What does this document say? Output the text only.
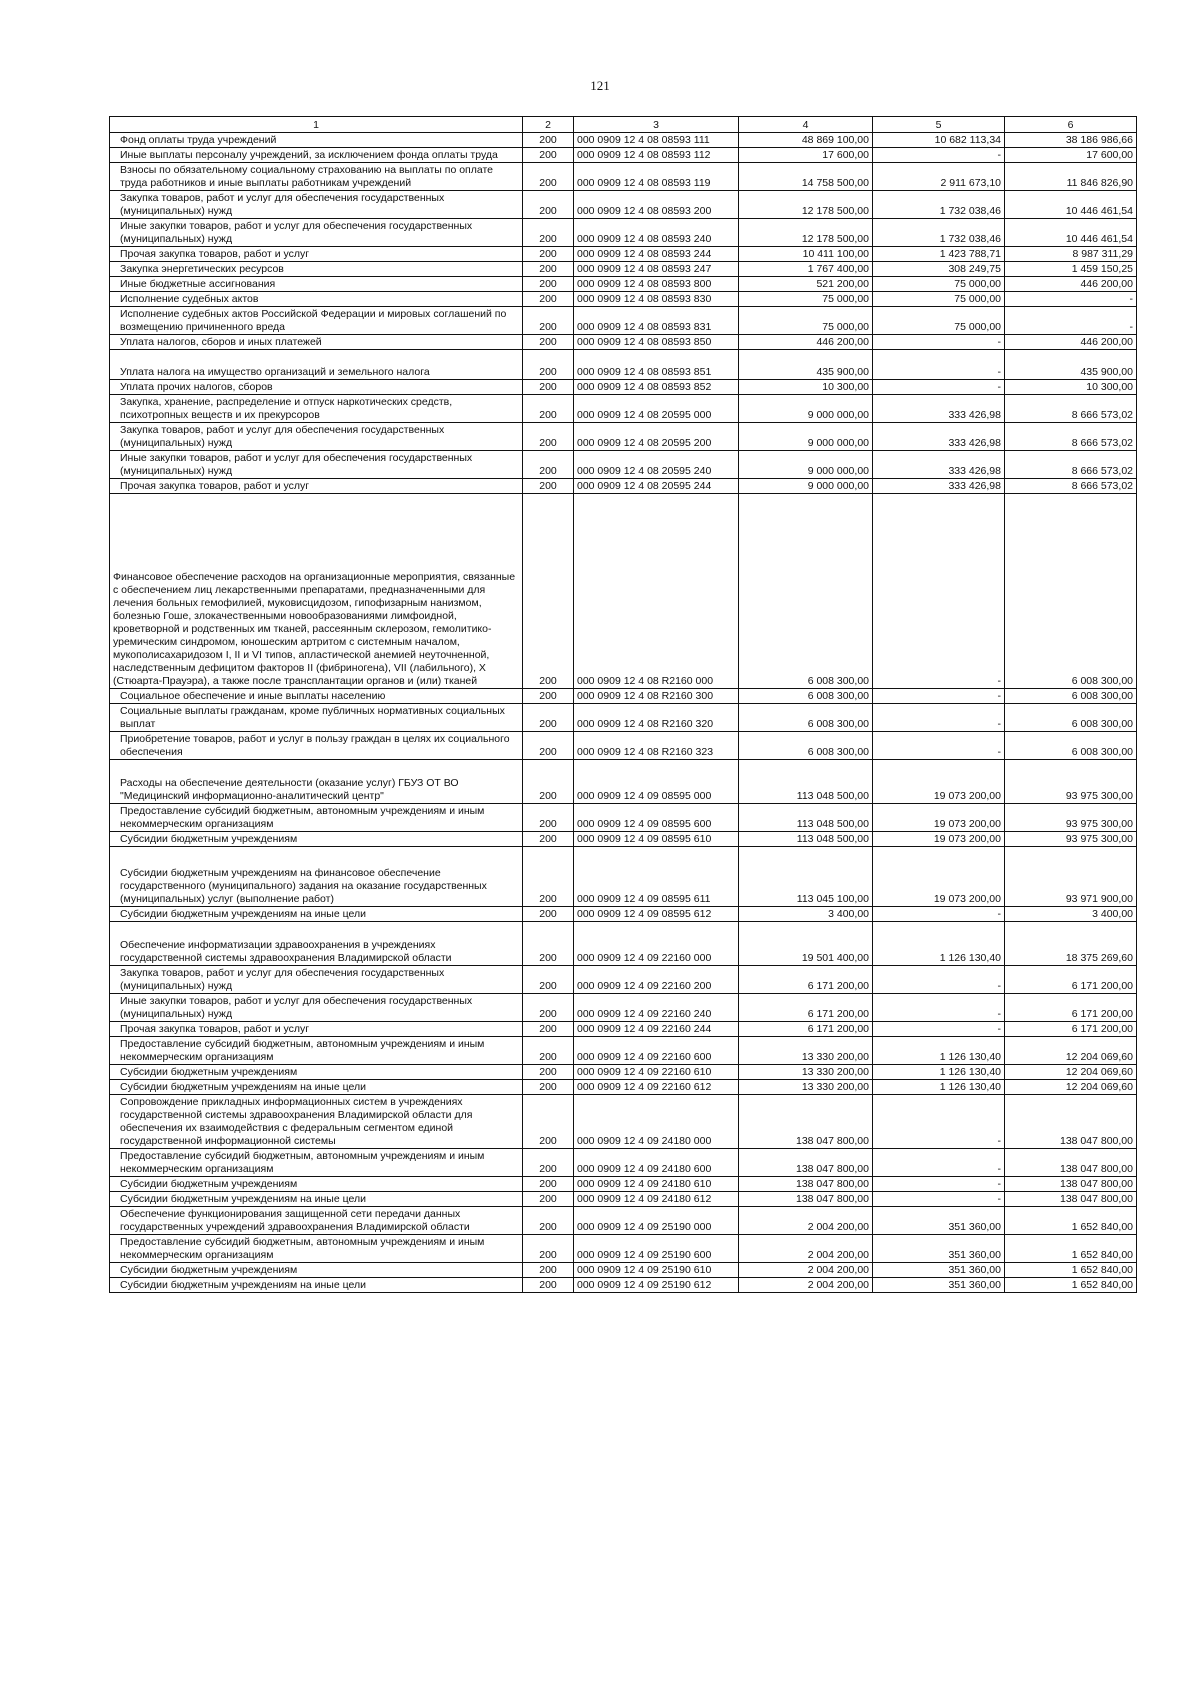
121
1	2	3	4	5	6
Фонд оплаты труда учреждений	200	000 0909 12 4 08 08593 111	48 869 100,00	10 682 113,34	38 186 986,66
Иные выплаты персоналу учреждений, за исключением фонда оплаты труда	200	000 0909 12 4 08 08593 112	17 600,00	-	17 600,00
Взносы по обязательному социальному страхованию на выплаты по оплате труда работников и иные выплаты работникам учреждений	200	000 0909 12 4 08 08593 119	14 758 500,00	2 911 673,10	11 846 826,90
Закупка товаров, работ и услуг для обеспечения государственных (муниципальных) нужд	200	000 0909 12 4 08 08593 200	12 178 500,00	1 732 038,46	10 446 461,54
Иные закупки товаров, работ и услуг для обеспечения государственных (муниципальных) нужд	200	000 0909 12 4 08 08593 240	12 178 500,00	1 732 038,46	10 446 461,54
Прочая закупка товаров, работ и услуг	200	000 0909 12 4 08 08593 244	10 411 100,00	1 423 788,71	8 987 311,29
Закупка энергетических ресурсов	200	000 0909 12 4 08 08593 247	1 767 400,00	308 249,75	1 459 150,25
Иные бюджетные ассигнования	200	000 0909 12 4 08 08593 800	521 200,00	75 000,00	446 200,00
Исполнение судебных актов	200	000 0909 12 4 08 08593 830	75 000,00	75 000,00	-
Исполнение судебных актов Российской Федерации и мировых соглашений по возмещению причиненного вреда	200	000 0909 12 4 08 08593 831	75 000,00	75 000,00	-
Уплата налогов, сборов и иных платежей	200	000 0909 12 4 08 08593 850	446 200,00	-	446 200,00
Уплата налога на имущество организаций и земельного налога	200	000 0909 12 4 08 08593 851	435 900,00	-	435 900,00
Уплата прочих налогов, сборов	200	000 0909 12 4 08 08593 852	10 300,00	-	10 300,00
Закупка, хранение, распределение и отпуск наркотических средств, психотропных веществ и их прекурсоров	200	000 0909 12 4 08 20595 000	9 000 000,00	333 426,98	8 666 573,02
Закупка товаров, работ и услуг для обеспечения государственных (муниципальных) нужд	200	000 0909 12 4 08 20595 200	9 000 000,00	333 426,98	8 666 573,02
Иные закупки товаров, работ и услуг для обеспечения государственных (муниципальных) нужд	200	000 0909 12 4 08 20595 240	9 000 000,00	333 426,98	8 666 573,02
Прочая закупка товаров, работ и услуг	200	000 0909 12 4 08 20595 244	9 000 000,00	333 426,98	8 666 573,02
Финансовое обеспечение расходов на организационные мероприятия, связанные с обеспечением лиц лекарственными препаратами, предназначенными для лечения больных гемофилией, муковисцидозом, гипофизарным нанизмом, болезнью Гоше, злокачественными новообразованиями лимфоидной, кроветворной и родственных им тканей, рассеянным склерозом, гемолитико-уремическим синдромом, юношеским артритом с системным началом, мукополисахаридозом I, II и VI типов, апластической анемией неуточненной, наследственным дефицитом факторов II (фибриногена), VII (лабильного), X (Стюарта-Прауэра), а также после трансплантации органов и (или) тканей	200	000 0909 12 4 08 R2160 000	6 008 300,00	-	6 008 300,00
Социальное обеспечение и иные выплаты населению	200	000 0909 12 4 08 R2160 300	6 008 300,00	-	6 008 300,00
Социальные выплаты гражданам, кроме публичных нормативных социальных выплат	200	000 0909 12 4 08 R2160 320	6 008 300,00	-	6 008 300,00
Приобретение товаров, работ и услуг в пользу граждан в целях их социального обеспечения	200	000 0909 12 4 08 R2160 323	6 008 300,00	-	6 008 300,00
Расходы на обеспечение деятельности (оказание услуг) ГБУЗ ОТ ВО "Медицинский информационно-аналитический центр"	200	000 0909 12 4 09 08595 000	113 048 500,00	19 073 200,00	93 975 300,00
Предоставление субсидий бюджетным, автономным учреждениям и иным некоммерческим организациям	200	000 0909 12 4 09 08595 600	113 048 500,00	19 073 200,00	93 975 300,00
Субсидии бюджетным учреждениям	200	000 0909 12 4 09 08595 610	113 048 500,00	19 073 200,00	93 975 300,00
Субсидии бюджетным учреждениям на финансовое обеспечение государственного (муниципального) задания на оказание государственных (муниципальных) услуг (выполнение работ)	200	000 0909 12 4 09 08595 611	113 045 100,00	19 073 200,00	93 971 900,00
Субсидии бюджетным учреждениям на иные цели	200	000 0909 12 4 09 08595 612	3 400,00	-	3 400,00
Обеспечение информатизации здравоохранения в учреждениях государственной системы здравоохранения Владимирской области	200	000 0909 12 4 09 22160 000	19 501 400,00	1 126 130,40	18 375 269,60
Закупка товаров, работ и услуг для обеспечения государственных (муниципальных) нужд	200	000 0909 12 4 09 22160 200	6 171 200,00	-	6 171 200,00
Иные закупки товаров, работ и услуг для обеспечения государственных (муниципальных) нужд	200	000 0909 12 4 09 22160 240	6 171 200,00	-	6 171 200,00
Прочая закупка товаров, работ и услуг	200	000 0909 12 4 09 22160 244	6 171 200,00	-	6 171 200,00
Предоставление субсидий бюджетным, автономным учреждениям и иным некоммерческим организациям	200	000 0909 12 4 09 22160 600	13 330 200,00	1 126 130,40	12 204 069,60
Субсидии бюджетным учреждениям	200	000 0909 12 4 09 22160 610	13 330 200,00	1 126 130,40	12 204 069,60
Субсидии бюджетным учреждениям на иные цели	200	000 0909 12 4 09 22160 612	13 330 200,00	1 126 130,40	12 204 069,60
Сопровождение прикладных информационных систем в учреждениях государственной системы здравоохранения Владимирской области для обеспечения их взаимодействия с федеральным сегментом единой государственной информационной системы	200	000 0909 12 4 09 24180 000	138 047 800,00	-	138 047 800,00
Предоставление субсидий бюджетным, автономным учреждениям и иным некоммерческим организациям	200	000 0909 12 4 09 24180 600	138 047 800,00	-	138 047 800,00
Субсидии бюджетным учреждениям	200	000 0909 12 4 09 24180 610	138 047 800,00	-	138 047 800,00
Субсидии бюджетным учреждениям на иные цели	200	000 0909 12 4 09 24180 612	138 047 800,00	-	138 047 800,00
Обеспечение функционирования защищенной сети передачи данных государственных учреждений здравоохранения Владимирской области	200	000 0909 12 4 09 25190 000	2 004 200,00	351 360,00	1 652 840,00
Предоставление субсидий бюджетным, автономным учреждениям и иным некоммерческим организациям	200	000 0909 12 4 09 25190 600	2 004 200,00	351 360,00	1 652 840,00
Субсидии бюджетным учреждениям	200	000 0909 12 4 09 25190 610	2 004 200,00	351 360,00	1 652 840,00
Субсидии бюджетным учреждениям на иные цели	200	000 0909 12 4 09 25190 612	2 004 200,00	351 360,00	1 652 840,00
